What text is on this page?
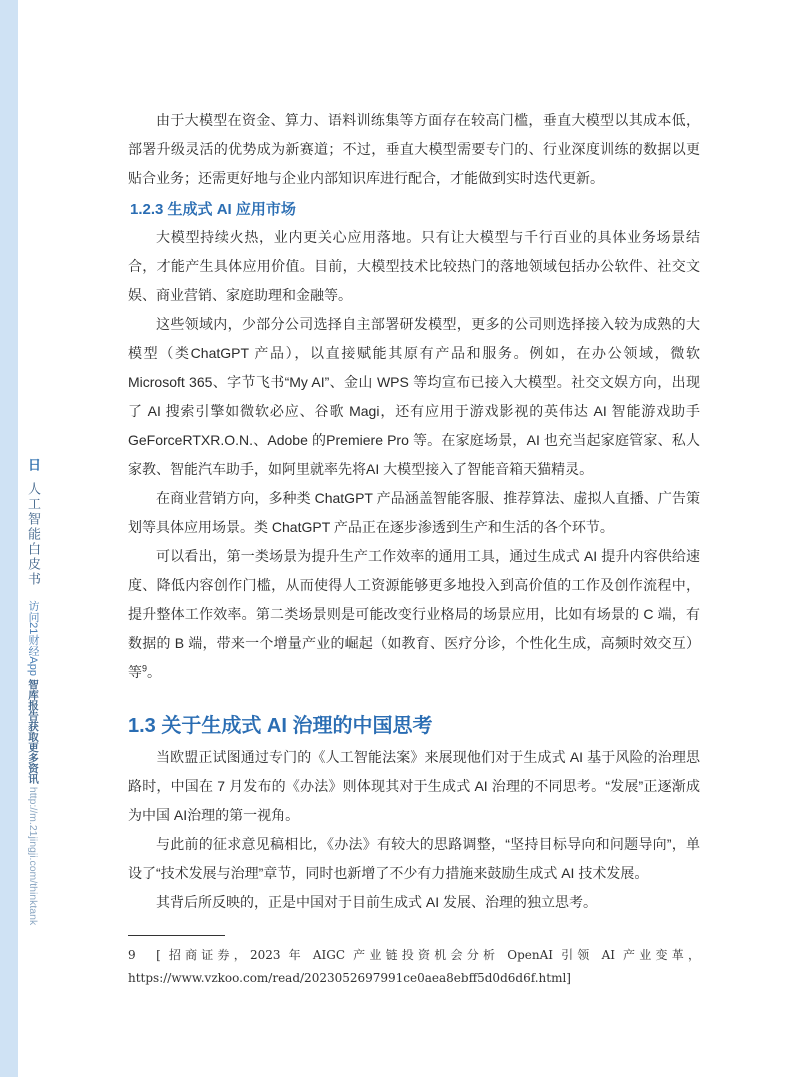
日 人工智能白皮书 访问21财经App 智库报告获取更多资讯 http://m.21jingji.com/thinktank

由于大模型在资金、算力、语料训练集等方面存在较高门槛，垂直大模型以其成本低，部署升级灵活的优势成为新赛道；不过，垂直大模型需要专门的、行业深度训练的数据以更贴合业务；还需更好地与企业内部知识库进行配合，才能做到实时迭代更新。

1.2.3 生成式 AI 应用市场

大模型持续火热，业内更关心应用落地。只有让大模型与千行百业的具体业务场景结合，才能产生具体应用价值。目前，大模型技术比较热门的落地领域包括办公软件、社交文娱、商业营销、家庭助理和金融等。

这些领域内，少部分公司选择自主部署研发模型，更多的公司则选择接入较为成熟的大模型（类ChatGPT 产品），以直接赋能其原有产品和服务。例如，在办公领域，微软 Microsoft 365、字节飞书“My AI”、金山 WPS 等均宣布已接入大模型。社交文娱方向，出现了 AI 搜索引擎如微软必应、谷歌 Magi，还有应用于游戏影视的英伟达 AI 智能游戏助手 GeForceRTXR.O.N.、Adobe 的Premiere Pro 等。在家庭场景，AI 也充当起家庭管家、私人家教、智能汽车助手，如阿里就率先将AI 大模型接入了智能音箱天猫精灵。

在商业营销方向，多种类 ChatGPT 产品涵盖智能客服、推荐算法、虚拟人直播、广告策划等具体应用场景。类 ChatGPT 产品正在逐步渗透到生产和生活的各个环节。

可以看出，第一类场景为提升生产工作效率的通用工具，通过生成式 AI 提升内容供给速度、降低内容创作门槛，从而使得人工资源能够更多地投入到高价值的工作及创作流程中，提升整体工作效率。第二类场景则是可能改变行业格局的场景应用，比如有场景的 C 端，有数据的 B 端，带来一个增量产业的崛起（如教育、医疗分诊，个性化生成，高频时效交互）等$^9$。

1.3 关于生成式 AI 治理的中国思考

当欧盟正试图通过专门的《人工智能法案》来展现他们对于生成式 AI 基于风险的治理思路时，中国在 7 月发布的《办法》则体现其对于生成式 AI 治理的不同思考。“发展”正逐渐成为中国 AI治理的第一视角。

与此前的征求意见稿相比，《办法》有较大的思路调整，“坚持目标导向和问题导向”，单设了“技术发展与治理”章节，同时也新增了不少有力措施来鼓励生成式 AI 技术发展。

其背后所反映的，正是中国对于目前生成式 AI 发展、治理的独立思考。

9　[ 招商证券，2023 年 AIGC 产业链投资机会分析 OpenAI 引领 AI 产业变革，https://www.vzkoo.com/read/2023052697991ce0aea8ebff5d0d6d6f.html]
